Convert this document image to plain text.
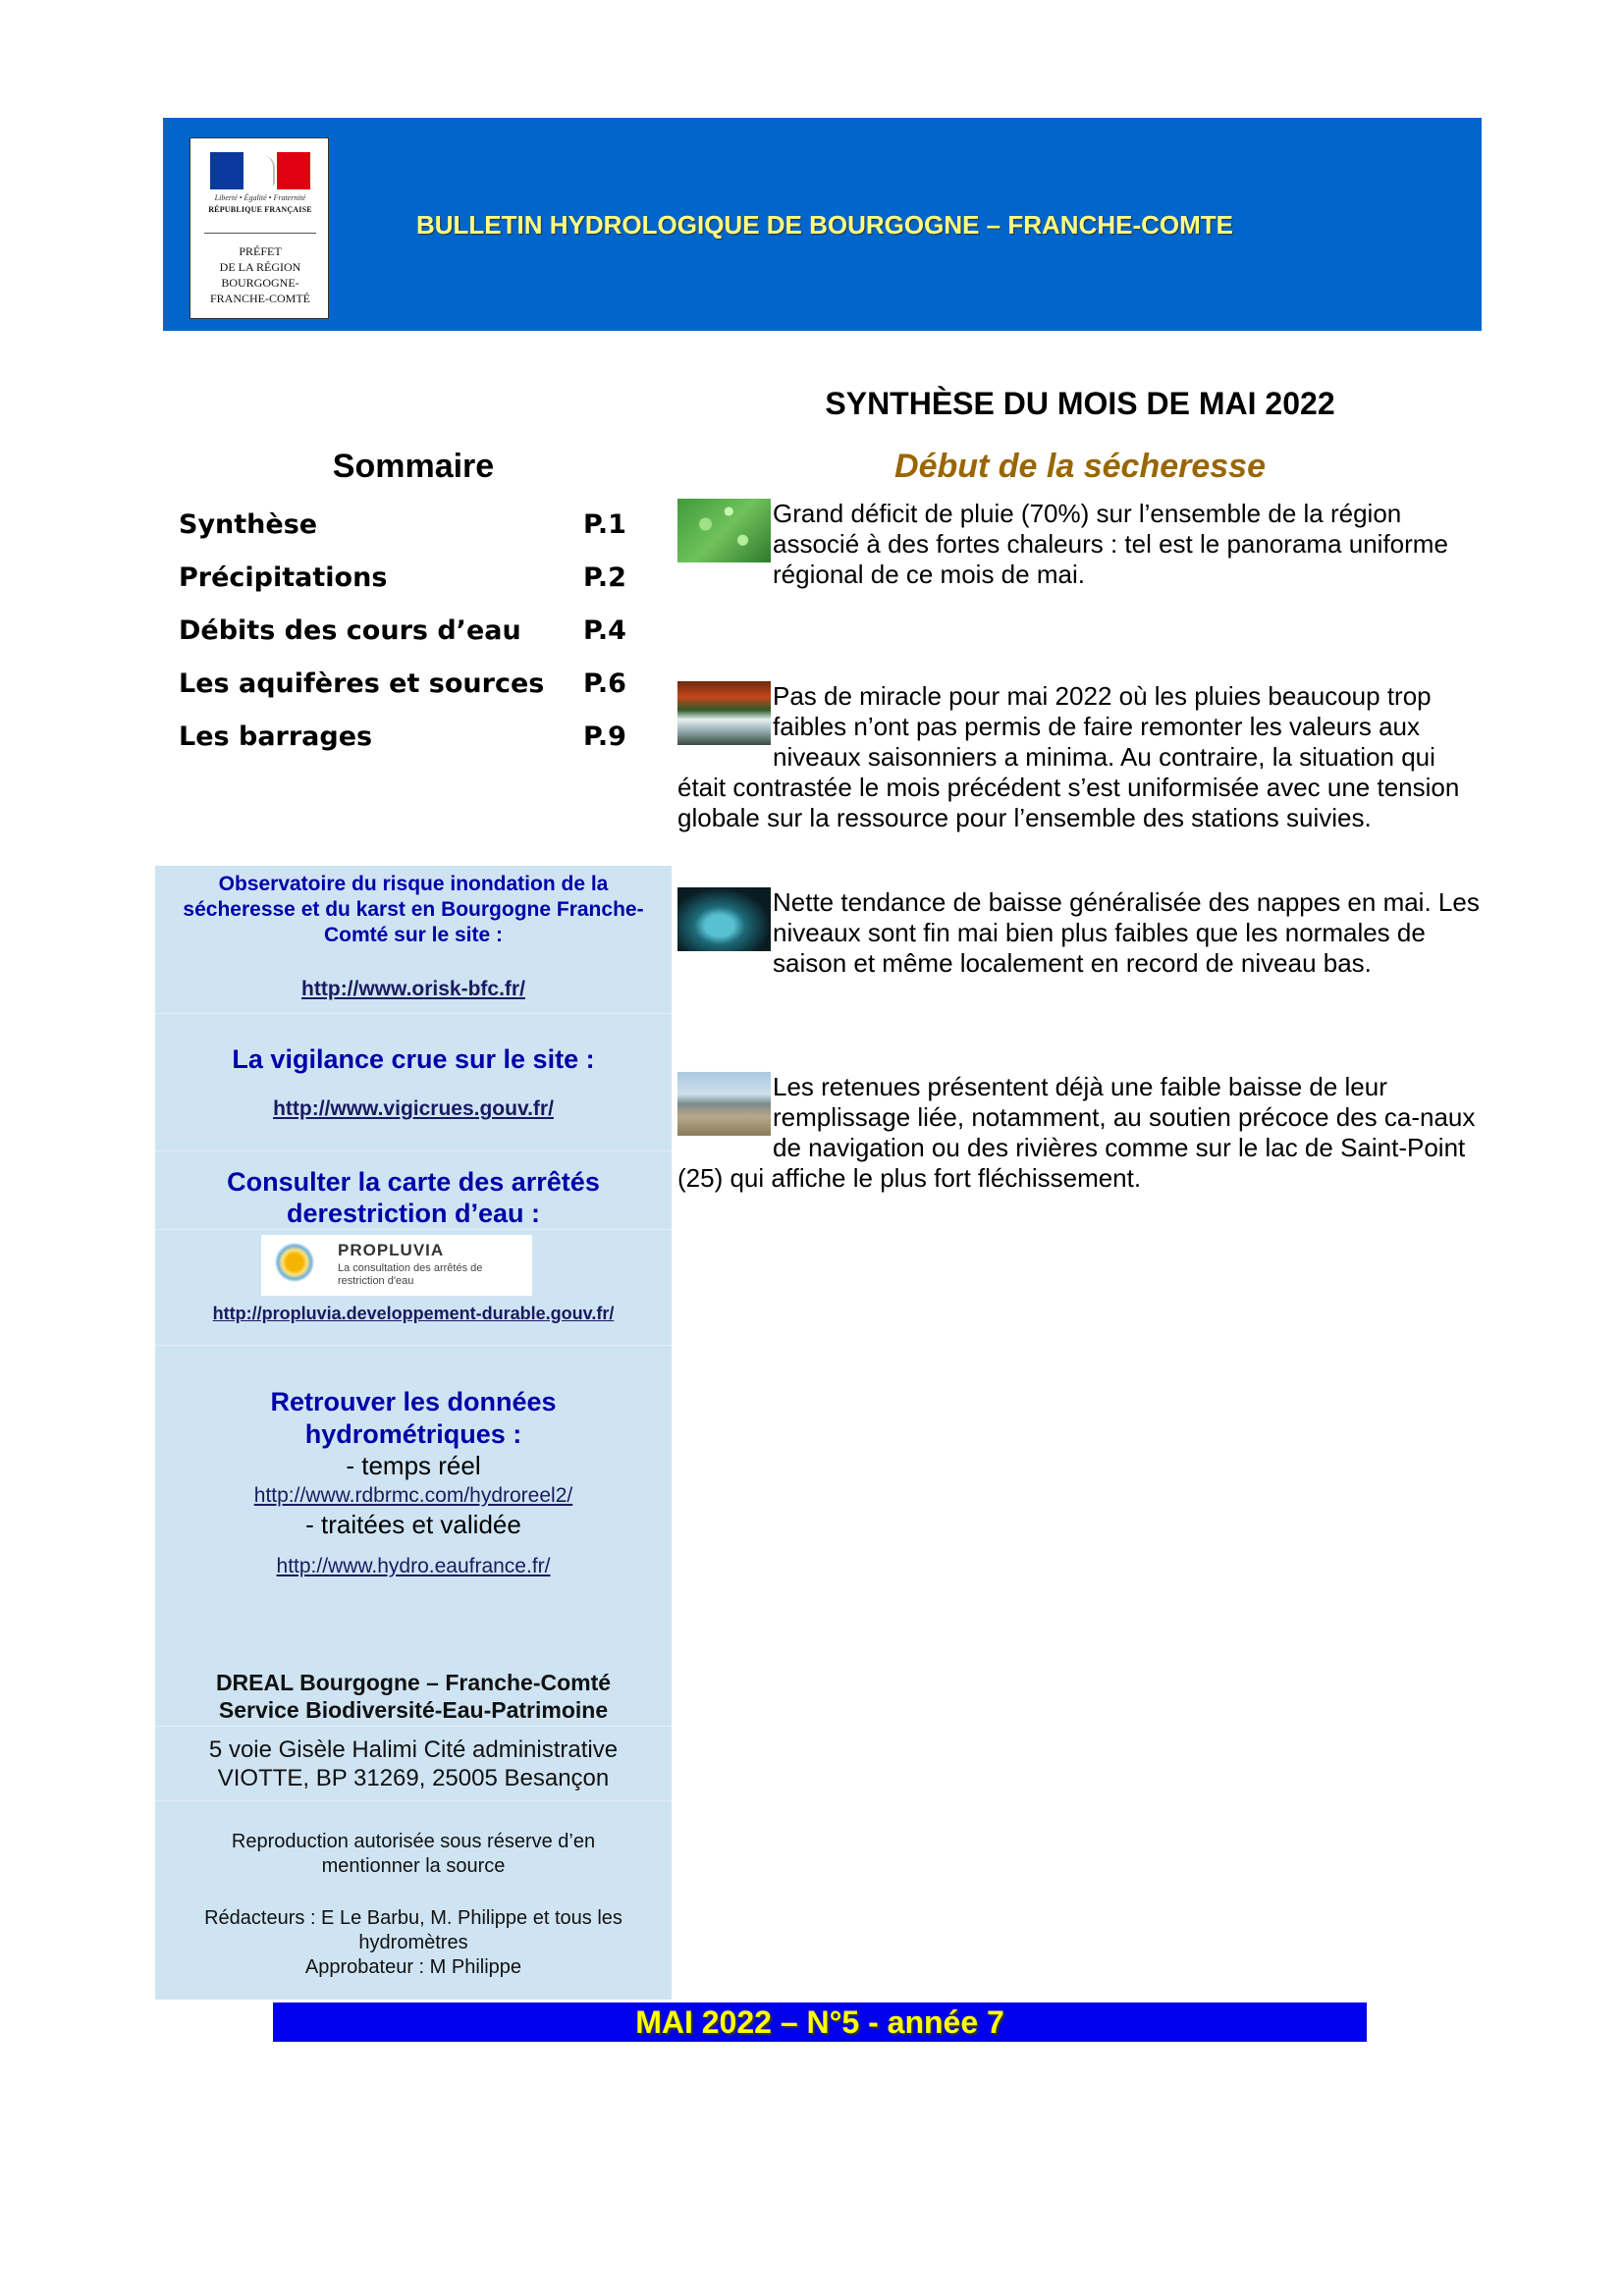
Liberté • Égalité • Fraternité
RÉPUBLIQUE FRANÇAISE
PRÉFET
DE LA RÉGION
BOURGOGNE-
FRANCHE-COMTÉ
BULLETIN HYDROLOGIQUE DE BOURGOGNE – FRANCHE-COMTE
SYNTHÈSE DU MOIS DE MAI 2022
Début de la sécheresse
Grand déficit de pluie (70%) sur l’ensemble de la région associé à des fortes chaleurs : tel est le panorama uniforme régional de ce mois de mai.
Pas de miracle pour mai 2022 où les pluies beaucoup trop faibles n’ont pas permis de faire remonter les valeurs aux niveaux saisonniers a minima. Au contraire, la situation qui était contrastée le mois précédent s’est uniformisée avec une tension globale sur la ressource pour l’ensemble des stations suivies.
Nette tendance de baisse généralisée des nappes en mai. Les niveaux sont fin mai bien plus faibles que les normales de saison et même localement en record de niveau bas.
Les retenues présentent déjà une faible baisse de leur remplissage liée, notamment, au soutien précoce des ca-naux de navigation ou des rivières comme sur le lac de Saint-Point (25) qui affiche le plus fort fléchissement.
Sommaire
Synthèse	P.1
Précipitations	P.2
Débits des cours d’eau P.4
Les aquifères et sources P.6
Les barrages	P.9
Observatoire du risque inondation de la
sécheresse et du karst en Bourgogne Franche-
Comté sur le site :
http://www.orisk-bfc.fr/
La vigilance crue sur le site :
http://www.vigicrues.gouv.fr/
Consulter la carte des arrêtés
derestriction d’eau :
PROPLUVIA
La consultation des arrêtés de restriction d'eau
http://propluvia.developpement-durable.gouv.fr/
Retrouver les données
hydrométriques :
- temps réel
http://www.rdbrmc.com/hydroreel2/
- traitées et validée
http://www.hydro.eaufrance.fr/
DREAL Bourgogne – Franche-Comté
Service Biodiversité-Eau-Patrimoine
5 voie Gisèle Halimi Cité administrative
VIOTTE, BP 31269, 25005 Besançon
Reproduction autorisée sous réserve d’en
mentionner la source
Rédacteurs : E Le Barbu, M. Philippe et tous les
hydromètres
Approbateur : M Philippe
MAI 2022 – N°5 - année 7
